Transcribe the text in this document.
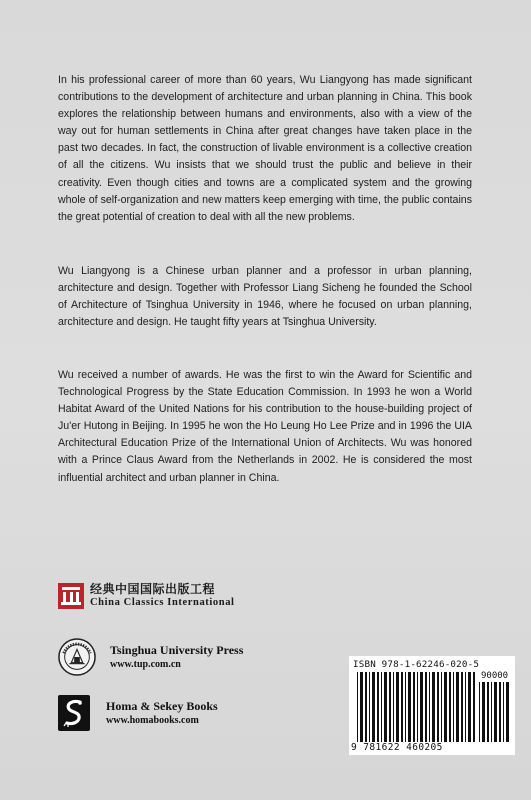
In his professional career of more than 60 years, Wu Liangyong has made significant contributions to the development of architecture and urban planning in China. This book explores the relationship between humans and environments, also with a view of the way out for human settlements in China after great changes have taken place in the past two decades. In fact, the construction of livable environment is a collective creation of all the citizens. Wu insists that we should trust the public and believe in their creativity. Even though cities and towns are a complicated system and the growing whole of self-organization and new matters keep emerging with time, the public contains the great potential of creation to deal with all the new problems.

Wu Liangyong is a Chinese urban planner and a professor in urban planning, architecture and design. Together with Professor Liang Sicheng he founded the School of Architecture of Tsinghua University in 1946, where he focused on urban planning, architecture and design. He taught fifty years at Tsinghua University.

Wu received a number of awards. He was the first to win the Award for Scientific and Technological Progress by the State Education Commission. In 1993 he won a World Habitat Award of the United Nations for his contribution to the house-building project of Ju'er Hutong in Beijing. In 1995 he won the Ho Leung Ho Lee Prize and in 1996 the UIA Architectural Education Prize of the International Union of Architects. Wu was honored with a Prince Claus Award from the Netherlands in 2002. He is considered the most influential architect and urban planner in China.

经典中国国际出版工程
China Classics International
Tsinghua University Press
www.tup.com.cn
Homa & Sekey Books
www.homabooks.com
ISBN 978-1-62246-020-5
90000
9 781622 460205
